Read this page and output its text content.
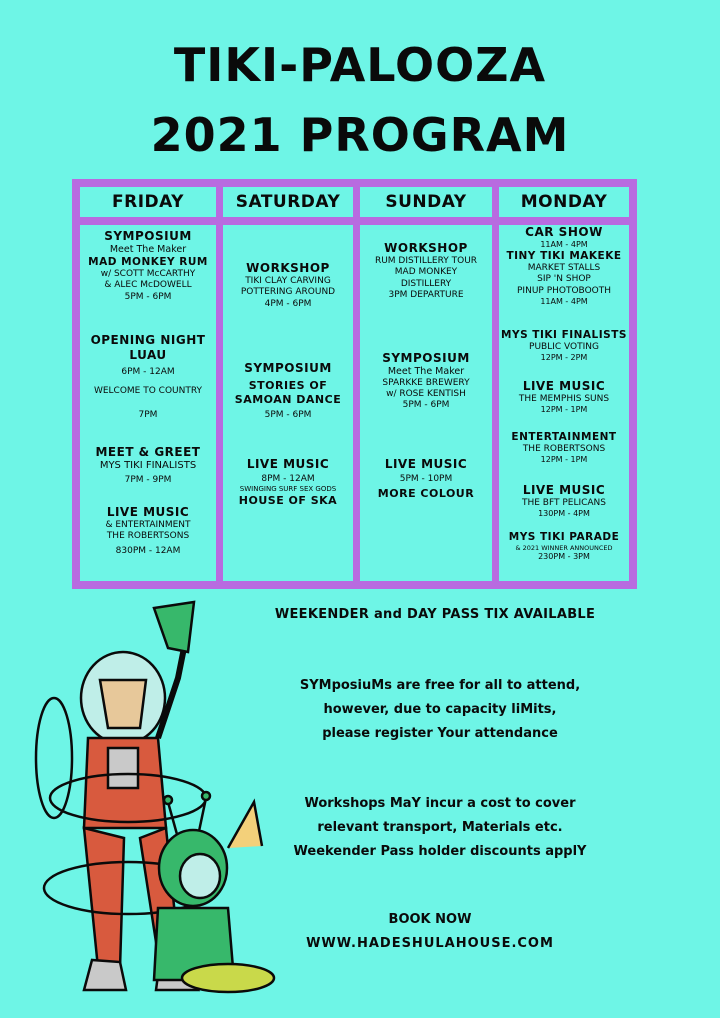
TIKI-PALOOZA
2021 PROGRAM
FRIDAY
SYMPOSIUM
Meet The Maker
MAD MONKEY RUM
w/ SCOTT McCARTHY
& ALEC McDOWELL
5PM - 6PM
OPENING NIGHT
LUAU
6PM - 12AM
WELCOME TO COUNTRY
7PM
MEET & GREET
MYS TIKI FINALISTS
7PM - 9PM
LIVE MUSIC
& ENTERTAINMENT
THE ROBERTSONS
830PM - 12AM
SATURDAY
WORKSHOP
TIKI CLAY CARVING
POTTERING AROUND
4PM - 6PM
SYMPOSIUM
STORIES OF
SAMOAN DANCE
5PM - 6PM
LIVE MUSIC
8PM - 12AM
SWINGING SURF SEX GODS
HOUSE OF SKA
SUNDAY
WORKSHOP
RUM DISTILLERY TOUR
MAD MONKEY
DISTILLERY
3PM DEPARTURE
SYMPOSIUM
Meet The Maker
SPARKKE BREWERY
w/ ROSE KENTISH
5PM - 6PM
LIVE MUSIC
5PM - 10PM
MORE COLOUR
MONDAY
CAR SHOW
11AM - 4PM
TINY TIKI MAKEKE
MARKET STALLS
SIP 'N SHOP
PINUP PHOTOBOOTH
11AM - 4PM
MYS TIKI FINALISTS
PUBLIC VOTING
12PM - 2PM
LIVE MUSIC
THE MEMPHIS SUNS
12PM - 1PM
ENTERTAINMENT
THE ROBERTSONS
12PM - 1PM
LIVE MUSIC
THE BFT PELICANS
130PM - 4PM
MYS TIKI PARADE
& 2021 WINNER ANNOUNCED
230PM - 3PM
WEEKENDER and DAY PASS TIX AVAILABLE
SYMposiuMs are free for all to attend,
however, due to capacity liMits,
please register Your attendance
Workshops MaY incur a cost to cover
relevant transport, Materials etc.
Weekender Pass holder discounts applY
BOOK NOW
WWW.HADESHULAHOUSE.COM
